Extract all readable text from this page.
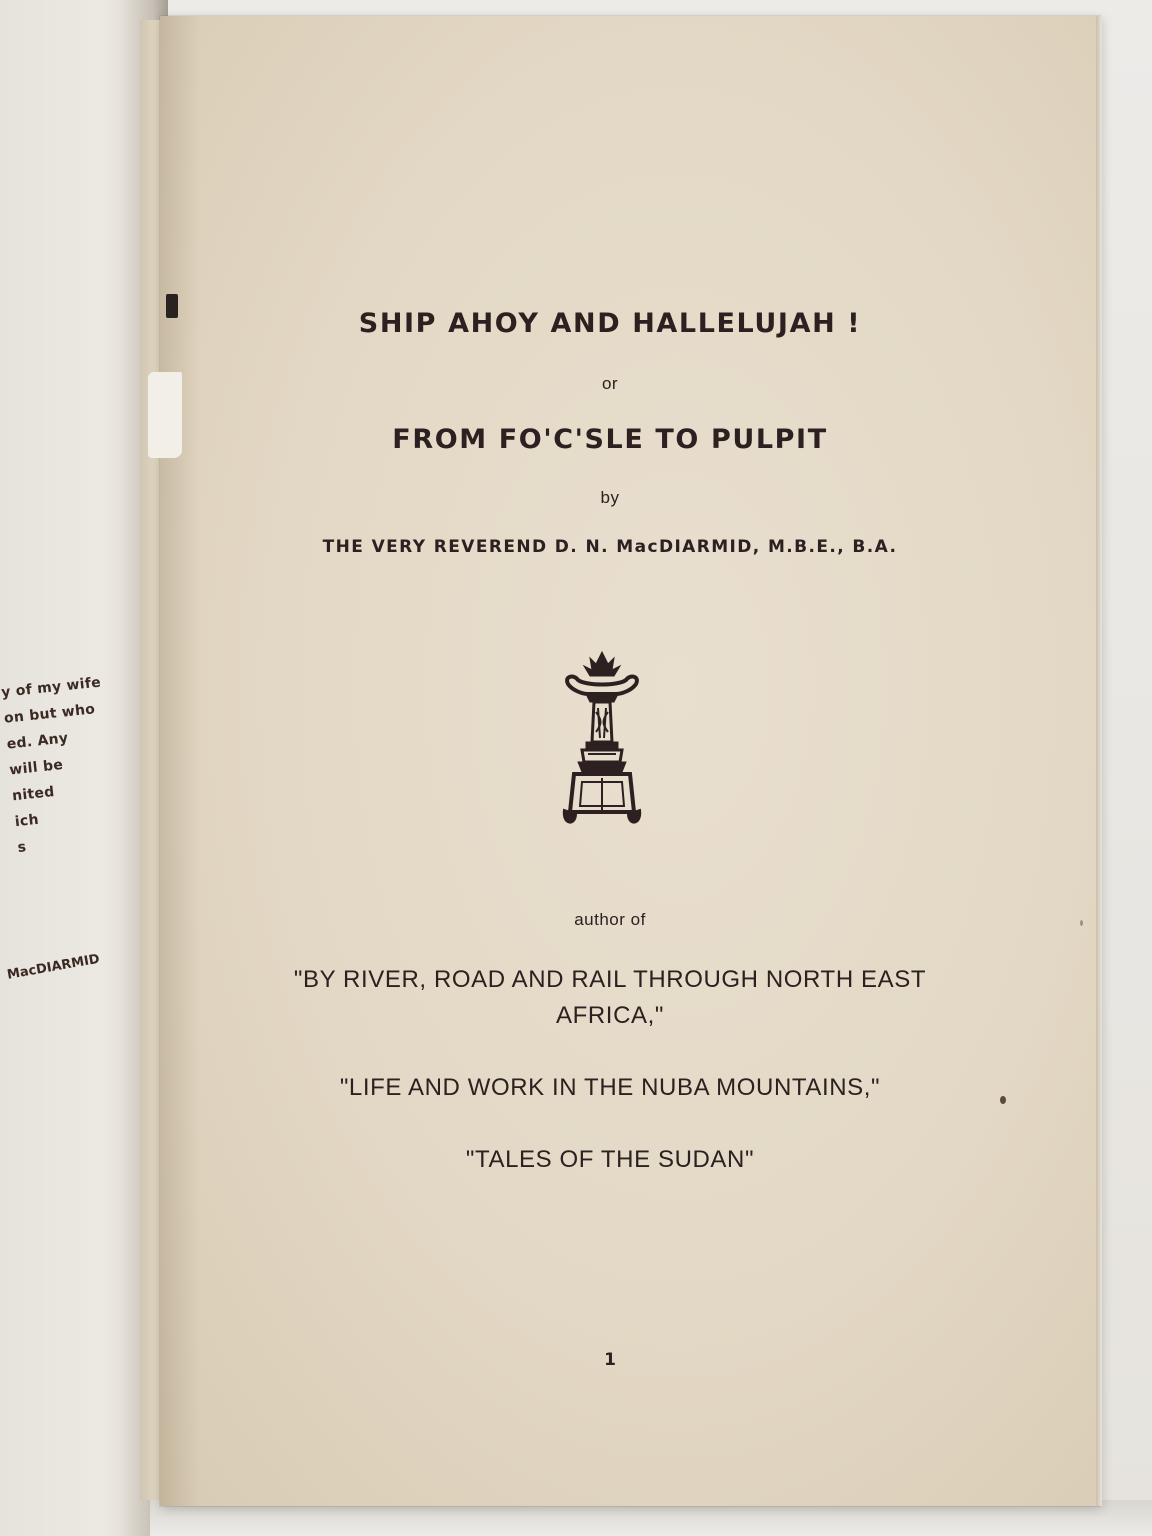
y of my wife
on but who
ed. Any
will be
nited
ich
s
MacDIARMID
SHIP AHOY AND HALLELUJAH !
or
FROM FO'C'SLE TO PULPIT
by
THE VERY REVEREND D. N. MacDIARMID, M.B.E., B.A.
author of
"BY RIVER, ROAD AND RAIL THROUGH NORTH EAST AFRICA,"
"LIFE AND WORK IN THE NUBA MOUNTAINS,"
"TALES OF THE SUDAN"
1
